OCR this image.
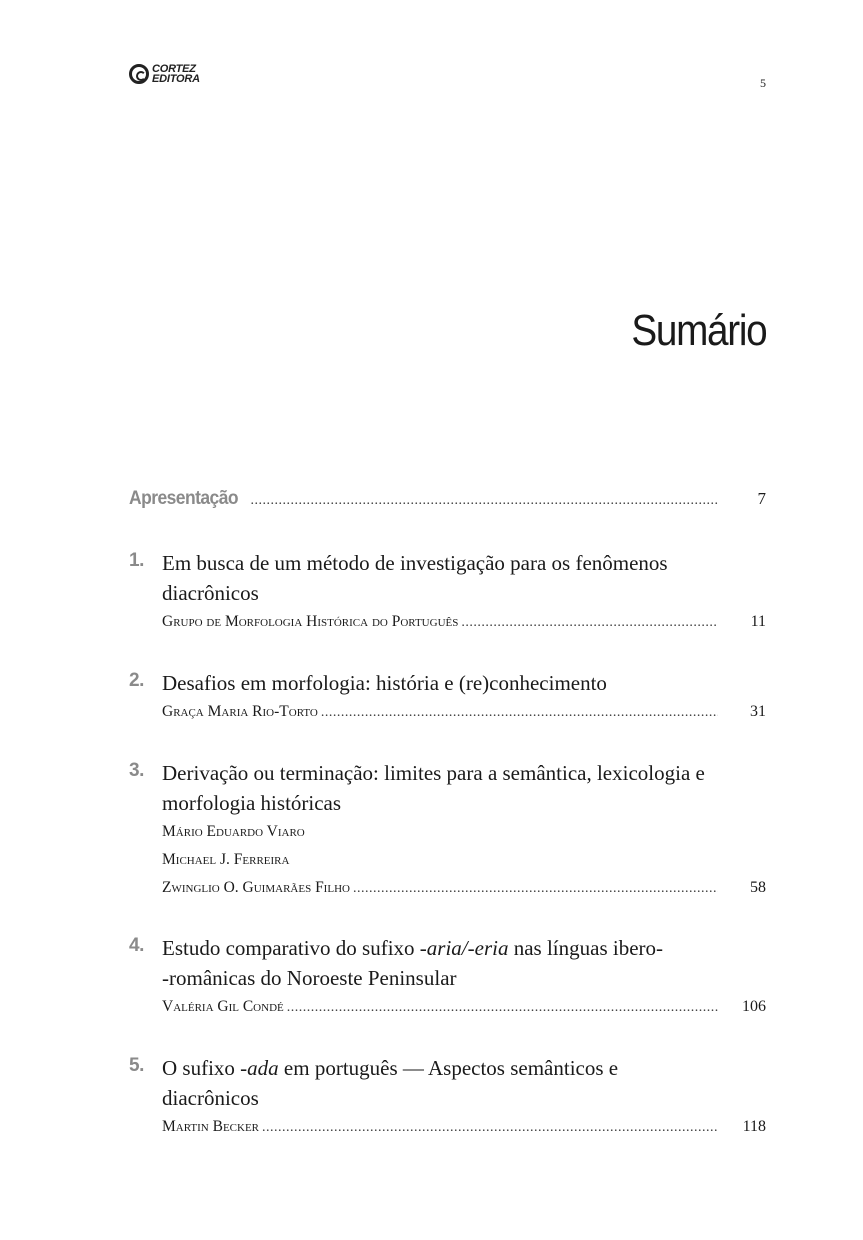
CORTEZ
EDITORA	5
Sumário
Apresentação .....	7
1. Em busca de um método de investigação para os fenômenos diacrônicos

Grupo de Morfologia Histórica do Português .....	11
2. Desafios em morfologia: história e (re)conhecimento

Graça Maria Rio-Torto .....	31
3. Derivação ou terminação: limites para a semântica, lexicologia e morfologia históricas

Mário Eduardo Viaro
Michael J. Ferreira
Zwinglio O. Guimarães Filho .....	58
4. Estudo comparativo do sufixo -aria/-eria nas línguas ibero-
-românicas do Noroeste Peninsular

Valéria Gil Condé .....	106
5. O sufixo -ada em português — Aspectos semânticos e
diacrônicos

Martin Becker .....	118
